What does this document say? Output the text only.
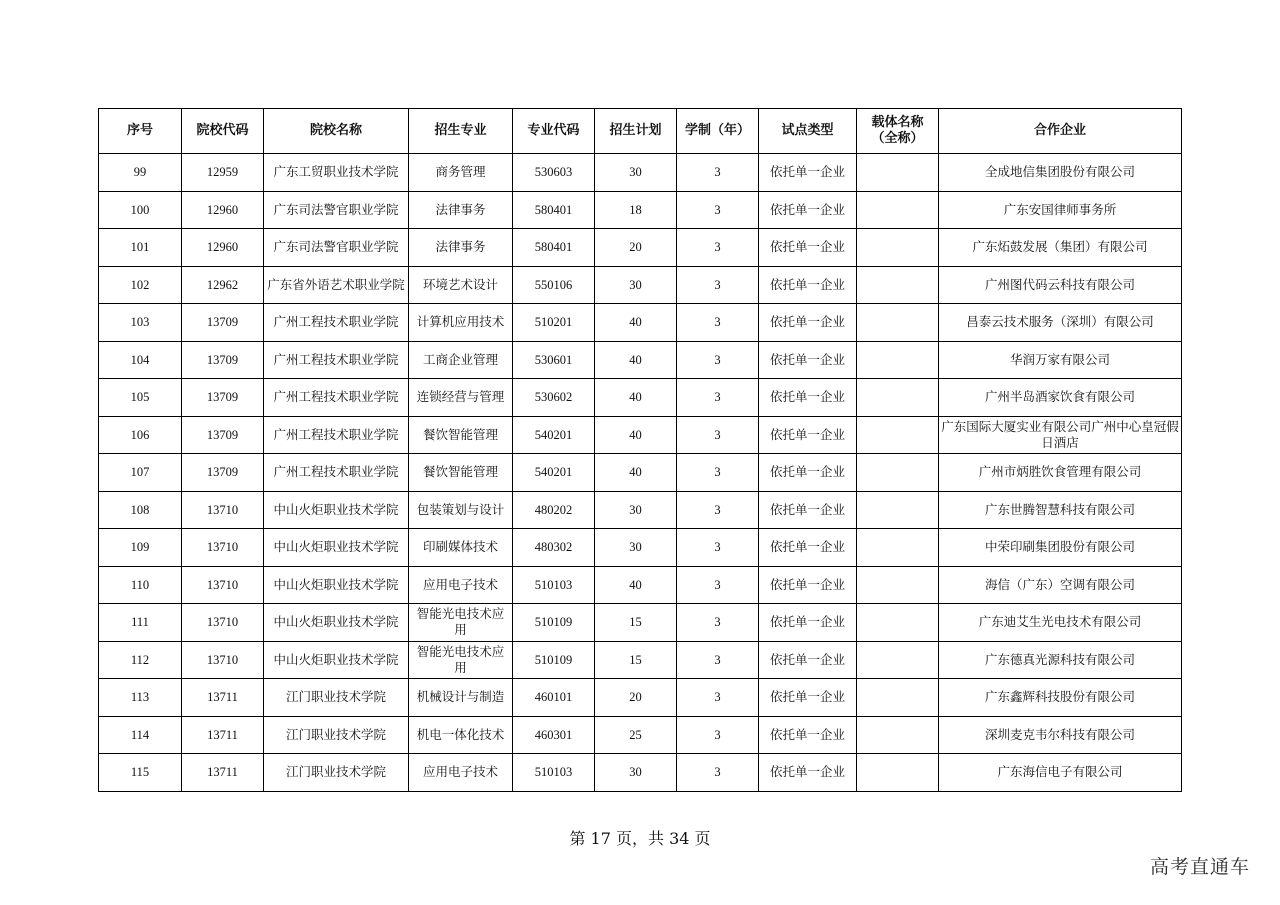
序号	院校代码	院校名称	招生专业	专业代码	招生计划	学制（年）	试点类型	载体名称（全称）	合作企业
99	12959	广东工贸职业技术学院	商务管理	530603	30	3	依托单一企业		全成地信集团股份有限公司
100	12960	广东司法警官职业学院	法律事务	580401	18	3	依托单一企业		广东安国律师事务所
101	12960	广东司法警官职业学院	法律事务	580401	20	3	依托单一企业		广东炻鼓发展（集团）有限公司
102	12962	广东省外语艺术职业学院	环境艺术设计	550106	30	3	依托单一企业		广州图代码云科技有限公司
103	13709	广州工程技术职业学院	计算机应用技术	510201	40	3	依托单一企业		昌泰云技术服务（深圳）有限公司
104	13709	广州工程技术职业学院	工商企业管理	530601	40	3	依托单一企业		华润万家有限公司
105	13709	广州工程技术职业学院	连锁经营与管理	530602	40	3	依托单一企业		广州半岛酒家饮食有限公司
106	13709	广州工程技术职业学院	餐饮智能管理	540201	40	3	依托单一企业		广东国际大厦实业有限公司广州中心皇冠假日酒店
107	13709	广州工程技术职业学院	餐饮智能管理	540201	40	3	依托单一企业		广州市炳胜饮食管理有限公司
108	13710	中山火炬职业技术学院	包装策划与设计	480202	30	3	依托单一企业		广东世腾智慧科技有限公司
109	13710	中山火炬职业技术学院	印刷媒体技术	480302	30	3	依托单一企业		中荣印刷集团股份有限公司
110	13710	中山火炬职业技术学院	应用电子技术	510103	40	3	依托单一企业		海信（广东）空调有限公司
111	13710	中山火炬职业技术学院	智能光电技术应用	510109	15	3	依托单一企业		广东迪艾生光电技术有限公司
112	13710	中山火炬职业技术学院	智能光电技术应用	510109	15	3	依托单一企业		广东德真光源科技有限公司
113	13711	江门职业技术学院	机械设计与制造	460101	20	3	依托单一企业		广东鑫辉科技股份有限公司
114	13711	江门职业技术学院	机电一体化技术	460301	25	3	依托单一企业		深圳麦克韦尔科技有限公司
115	13711	江门职业技术学院	应用电子技术	510103	30	3	依托单一企业		广东海信电子有限公司
第 17 页，共 34 页
高考直通车
